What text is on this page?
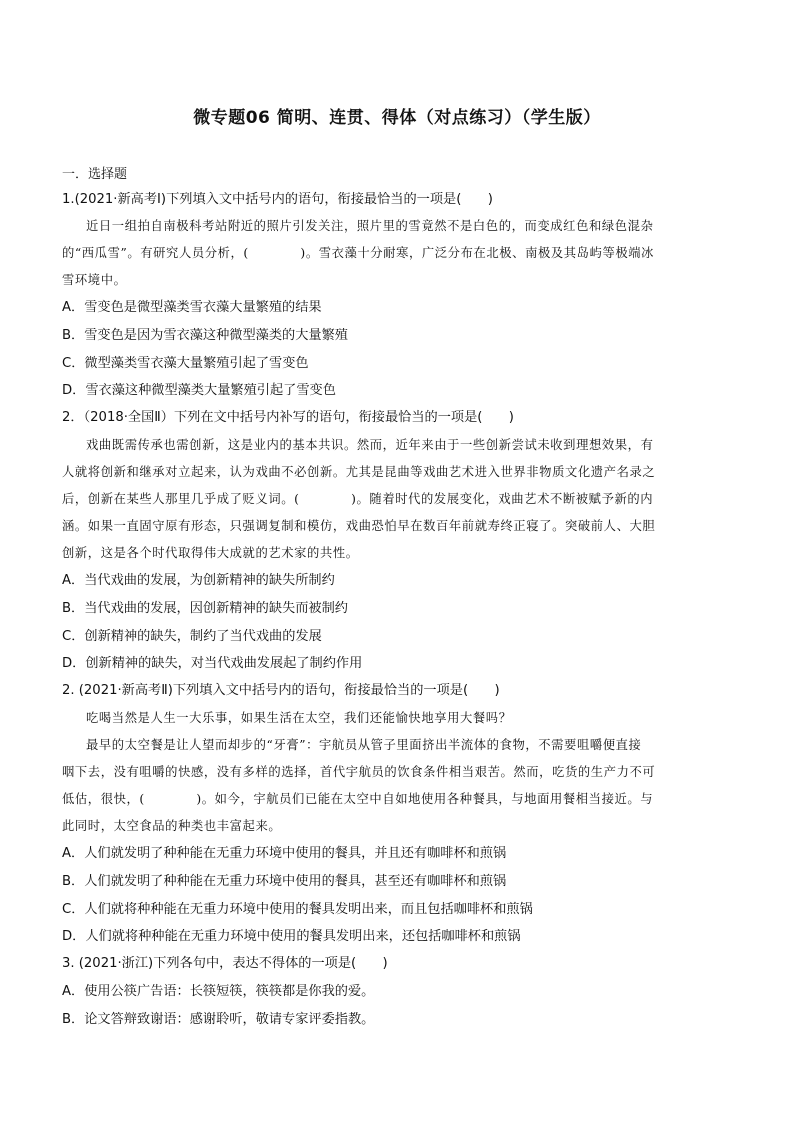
微专题06 简明、连贯、得体（对点练习）（学生版）
一．选择题
1.(2021·新高考Ⅰ)下列填入文中括号内的语句，衔接最恰当的一项是(　　)
近日一组拍自南极科考站附近的照片引发关注，照片里的雪竟然不是白色的，而变成红色和绿色混杂
的“西瓜雪”。有研究人员分析，(　　　　)。雪衣藻十分耐寒，广泛分布在北极、南极及其岛屿等极端冰
雪环境中。
A．雪变色是微型藻类雪衣藻大量繁殖的结果
B．雪变色是因为雪衣藻这种微型藻类的大量繁殖
C．微型藻类雪衣藻大量繁殖引起了雪变色
D．雪衣藻这种微型藻类大量繁殖引起了雪变色
2．（2018·全国Ⅱ）下列在文中括号内补写的语句，衔接最恰当的一项是(　　)
戏曲既需传承也需创新，这是业内的基本共识。然而，近年来由于一些创新尝试未收到理想效果，有
人就将创新和继承对立起来，认为戏曲不必创新。尤其是昆曲等戏曲艺术进入世界非物质文化遗产名录之
后，创新在某些人那里几乎成了贬义词。(　　　　)。随着时代的发展变化，戏曲艺术不断被赋予新的内
涵。如果一直固守原有形态，只强调复制和模仿，戏曲恐怕早在数百年前就寿终正寝了。突破前人、大胆
创新，这是各个时代取得伟大成就的艺术家的共性。
A．当代戏曲的发展，为创新精神的缺失所制约
B．当代戏曲的发展，因创新精神的缺失而被制约
C．创新精神的缺失，制约了当代戏曲的发展
D．创新精神的缺失，对当代戏曲发展起了制约作用
2. (2021·新高考Ⅱ)下列填入文中括号内的语句，衔接最恰当的一项是(　　)
吃喝当然是人生一大乐事，如果生活在太空，我们还能愉快地享用大餐吗？
最早的太空餐是让人望而却步的“牙膏”：宇航员从管子里面挤出半流体的食物，不需要咀嚼便直接
咽下去，没有咀嚼的快感，没有多样的选择，首代宇航员的饮食条件相当艰苦。然而，吃货的生产力不可
低估，很快，(　　　　)。如今，宇航员们已能在太空中自如地使用各种餐具，与地面用餐相当接近。与
此同时，太空食品的种类也丰富起来。
A．人们就发明了种种能在无重力环境中使用的餐具，并且还有咖啡杯和煎锅
B．人们就发明了种种能在无重力环境中使用的餐具，甚至还有咖啡杯和煎锅
C．人们就将种种能在无重力环境中使用的餐具发明出来，而且包括咖啡杯和煎锅
D．人们就将种种能在无重力环境中使用的餐具发明出来，还包括咖啡杯和煎锅
3. (2021·浙江)下列各句中，表达不得体的一项是(　　)
A．使用公筷广告语：长筷短筷，筷筷都是你我的爱。
B．论文答辩致谢语：感谢聆听，敬请专家评委指教。
